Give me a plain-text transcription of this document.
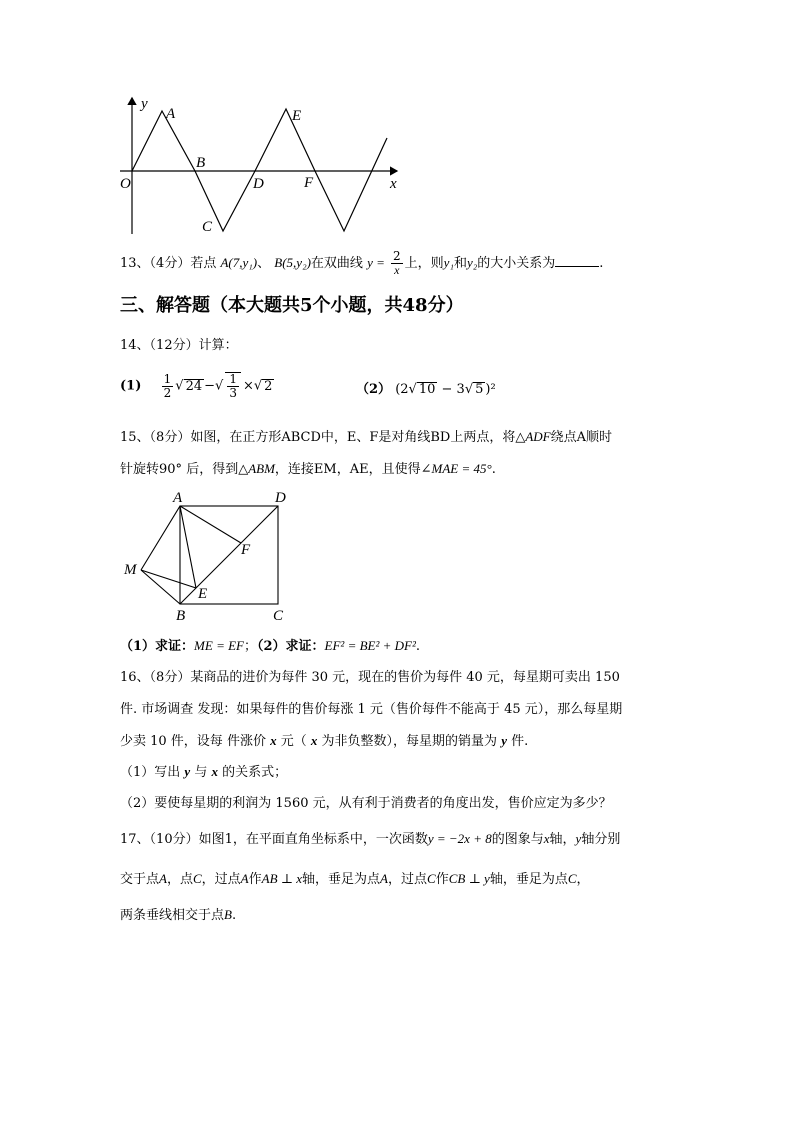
y
x
O
A
B
C
D
E
F
13、（4分）若点 A(7,y₁)、 B(5,y₂)在双曲线 $y = \frac{2}{x}$ 上，则y₁和y₂的大小关系为	.
三、解答题（本大题共5个小题，共48分）
14、（12分）计算：
$(1) \frac{1}{2}$ √ 24 −√ $\frac{1}{3}$ ×√ 2	（2） (2√ 10 − 3√ 5 )²
15、（8分）如图，在正方形ABCD中，E、F是对角线BD上两点，将△ADF绕点A顺时
针旋转90° 后，得到△ABM，连接EM，AE，且使得∠MAE = 45°.
A	D
F
M
E
B	C
（1）求证：ME = EF；（2）求证：EF² = BE² + DF².
16、（8分）某商品的进价为每件 30 元，现在的售价为每件 40 元，每星期可卖出 150
件. 市场调查 发现：如果每件的售价每涨 1 元（售价每件不能高于 45 元），那么每星期
少卖 10 件，设每 件涨价 x 元（ x 为非负整数），每星期的销量为 y 件.
（1）写出 y 与 x 的关系式；
（2）要使每星期的利润为 1560 元，从有利于消费者的角度出发，售价应定为多少？
17、（10分）如图1，在平面直角坐标系中，一次函数y = −2x + 8的图象与x轴，y轴分别
交于点A，点C，过点A作AB ⊥ x轴，垂足为点A，过点C作CB ⊥ y轴，垂足为点C，
两条垂线相交于点B.
